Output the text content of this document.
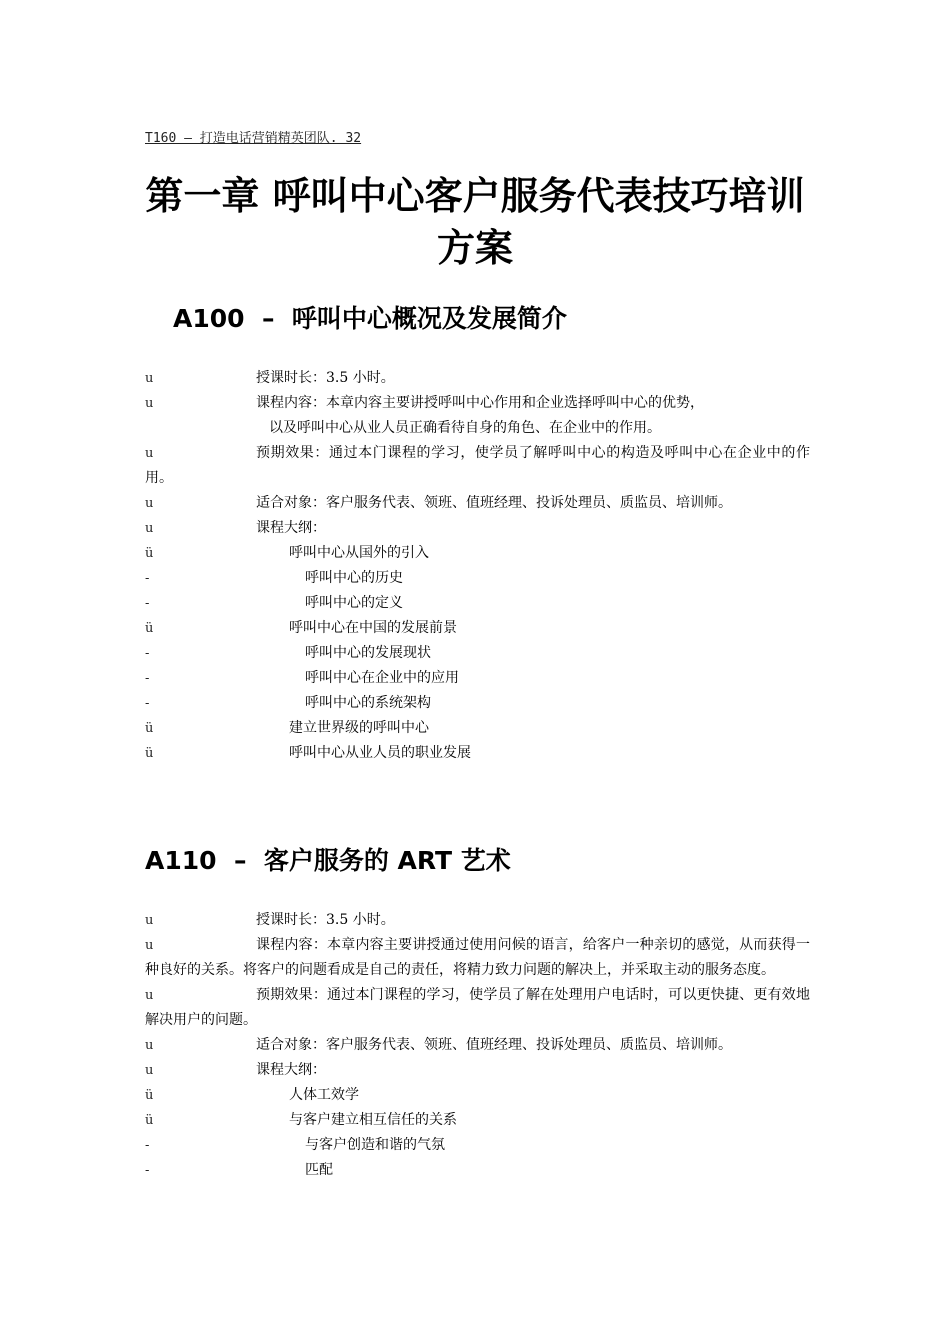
T160 – 打造电话营销精英团队. 32
第一章 呼叫中心客户服务代表技巧培训方案
A100  –  呼叫中心概况及发展简介
u	授课时长：3.5 小时。
u	课程内容：本章内容主要讲授呼叫中心作用和企业选择呼叫中心的优势，
以及呼叫中心从业人员正确看待自身的角色、在企业中的作用。
u	预期效果：通过本门课程的学习，使学员了解呼叫中心的构造及呼叫中心在企业中的作用。
u	适合对象：客户服务代表、领班、值班经理、投诉处理员、质监员、培训师。
u	课程大纲：
ü	呼叫中心从国外的引入
-	呼叫中心的历史
-	呼叫中心的定义
ü	呼叫中心在中国的发展前景
-	呼叫中心的发展现状
-	呼叫中心在企业中的应用
-	呼叫中心的系统架构
ü	建立世界级的呼叫中心
ü	呼叫中心从业人员的职业发展
A110  –  客户服务的 ART 艺术
u	授课时长：3.5 小时。
u	课程内容：本章内容主要讲授通过使用问候的语言，给客户一种亲切的感觉，从而获得一种良好的关系。将客户的问题看成是自己的责任，将精力致力问题的解决上，并采取主动的服务态度。
u	预期效果：通过本门课程的学习，使学员了解在处理用户电话时，可以更快捷、更有效地解决用户的问题。
u	适合对象：客户服务代表、领班、值班经理、投诉处理员、质监员、培训师。
u	课程大纲：
ü	人体工效学
ü	与客户建立相互信任的关系
-	与客户创造和谐的气氛
-	匹配
